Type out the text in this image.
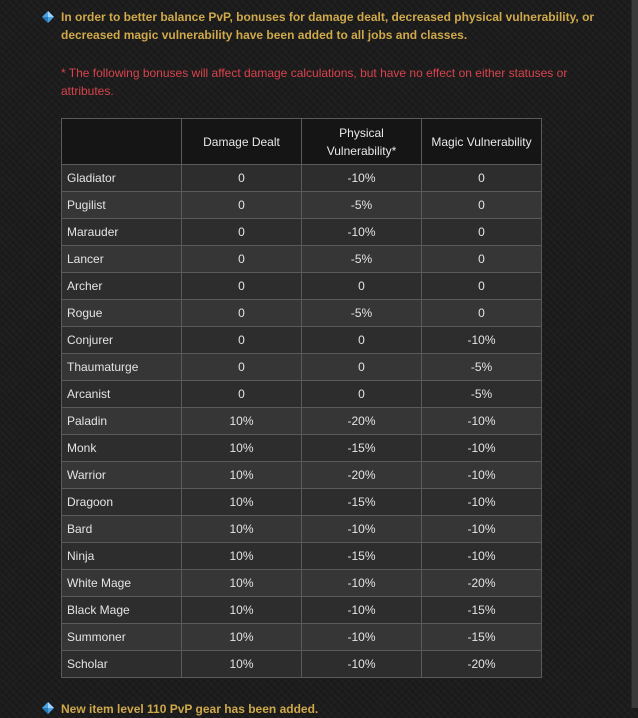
In order to better balance PvP, bonuses for damage dealt, decreased physical vulnerability, or decreased magic vulnerability have been added to all jobs and classes.
* The following bonuses will affect damage calculations, but have no effect on either statuses or attributes.
	Damage Dealt	Physical Vulnerability*	Magic Vulnerability
Gladiator	0	-10%	0
Pugilist	0	-5%	0
Marauder	0	-10%	0
Lancer	0	-5%	0
Archer	0	0	0
Rogue	0	-5%	0
Conjurer	0	0	-10%
Thaumaturge	0	0	-5%
Arcanist	0	0	-5%
Paladin	10%	-20%	-10%
Monk	10%	-15%	-10%
Warrior	10%	-20%	-10%
Dragoon	10%	-15%	-10%
Bard	10%	-10%	-10%
Ninja	10%	-15%	-10%
White Mage	10%	-10%	-20%
Black Mage	10%	-10%	-15%
Summoner	10%	-10%	-15%
Scholar	10%	-10%	-20%
New item level 110 PvP gear has been added.
